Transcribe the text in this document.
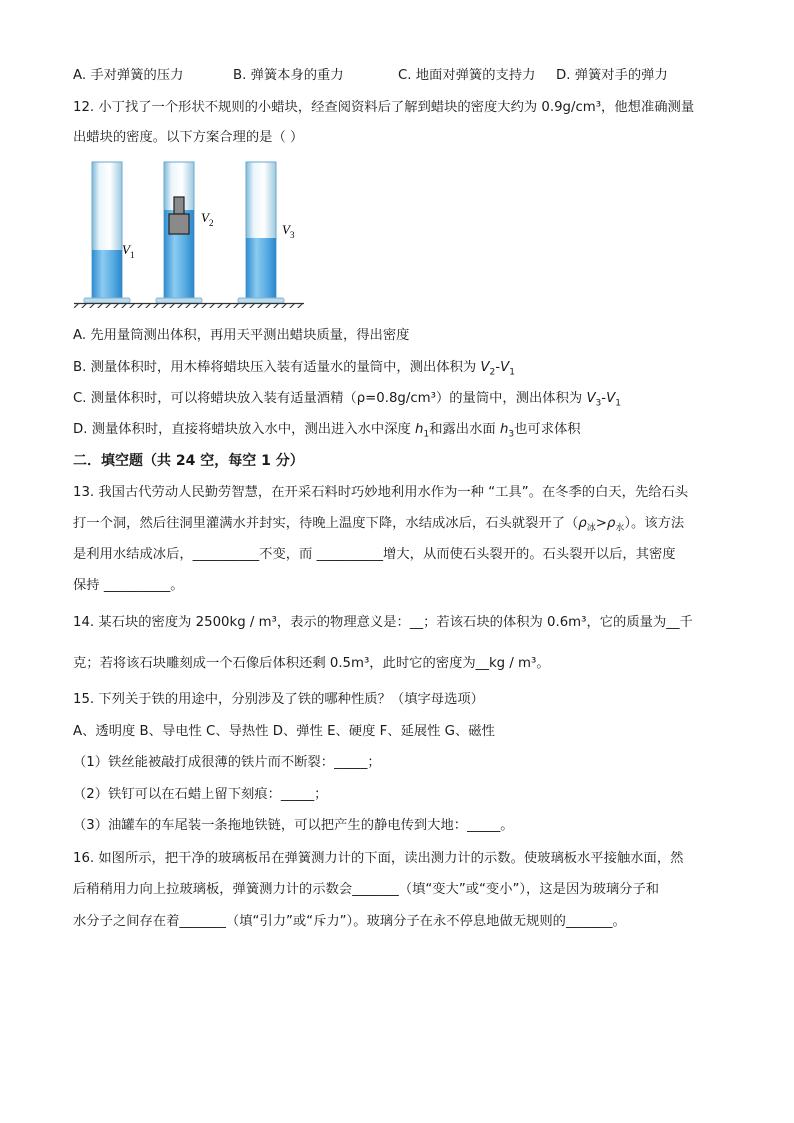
A. 手对弹簧的压力	B. 弹簧本身的重力	C. 地面对弹簧的支持力 D. 弹簧对手的弹力
12. 小丁找了一个形状不规则的小蜡块，经查阅资料后了解到蜡块的密度大约为 0.9g/cm³，他想准确测量
出蜡块的密度。以下方案合理的是（ ）
$V_1$
$V_2$	$V_3$
A. 先用量筒测出体积，再用天平测出蜡块质量，得出密度
B. 测量体积时，用木棒将蜡块压入装有适量水的量筒中，测出体积为 $V_2-V_1$
C. 测量体积时，可以将蜡块放入装有适量酒精（ρ=0.8g/cm³）的量筒中，测出体积为 $V_3-V_1$
D. 测量体积时，直接将蜡块放入水中，测出进入水中深度 $h_1$和露出水面 $h_3$也可求体积
二．填空题（共 24 空，每空 1 分）
13. 我国古代劳动人民勤劳智慧，在开采石料时巧妙地利用水作为一种 “工具”。在冬季的白天，先给石头
打一个洞，然后往洞里灌满水并封实，待晚上温度下降，水结成冰后，石头就裂开了$(\rho_冰>\rho_水)$。该方法
是利用水结成冰后，__________不变，而 __________增大，从而使石头裂开的。石头裂开以后，其密度
保持 __________。
14. 某石块的密度为 2500kg / m³，表示的物理意义是：__；若该石块的体积为 0.6m³，它的质量为__千
克；若将该石块雕刻成一个石像后体积还剩 0.5m³，此时它的密度为__kg / m³。
15. 下列关于铁的用途中，分别涉及了铁的哪种性质？（填字母选项）
A、透明度 B、导电性 C、导热性 D、弹性 E、硬度 F、延展性 G、磁性
（1）铁丝能被敲打成很薄的铁片而不断裂：_____；
（2）铁钉可以在石蜡上留下刻痕：_____；
（3）油罐车的车尾装一条拖地铁链，可以把产生的静电传到大地：_____。
16. 如图所示，把干净的玻璃板吊在弹簧测力计的下面，读出测力计的示数。使玻璃板水平接触水面，然
后稍稍用力向上拉玻璃板，弹簧测力计的示数会_______（填“变大”或“变小”），这是因为玻璃分子和
水分子之间存在着_______（填“引力”或“斥力”）。玻璃分子在永不停息地做无规则的_______。
